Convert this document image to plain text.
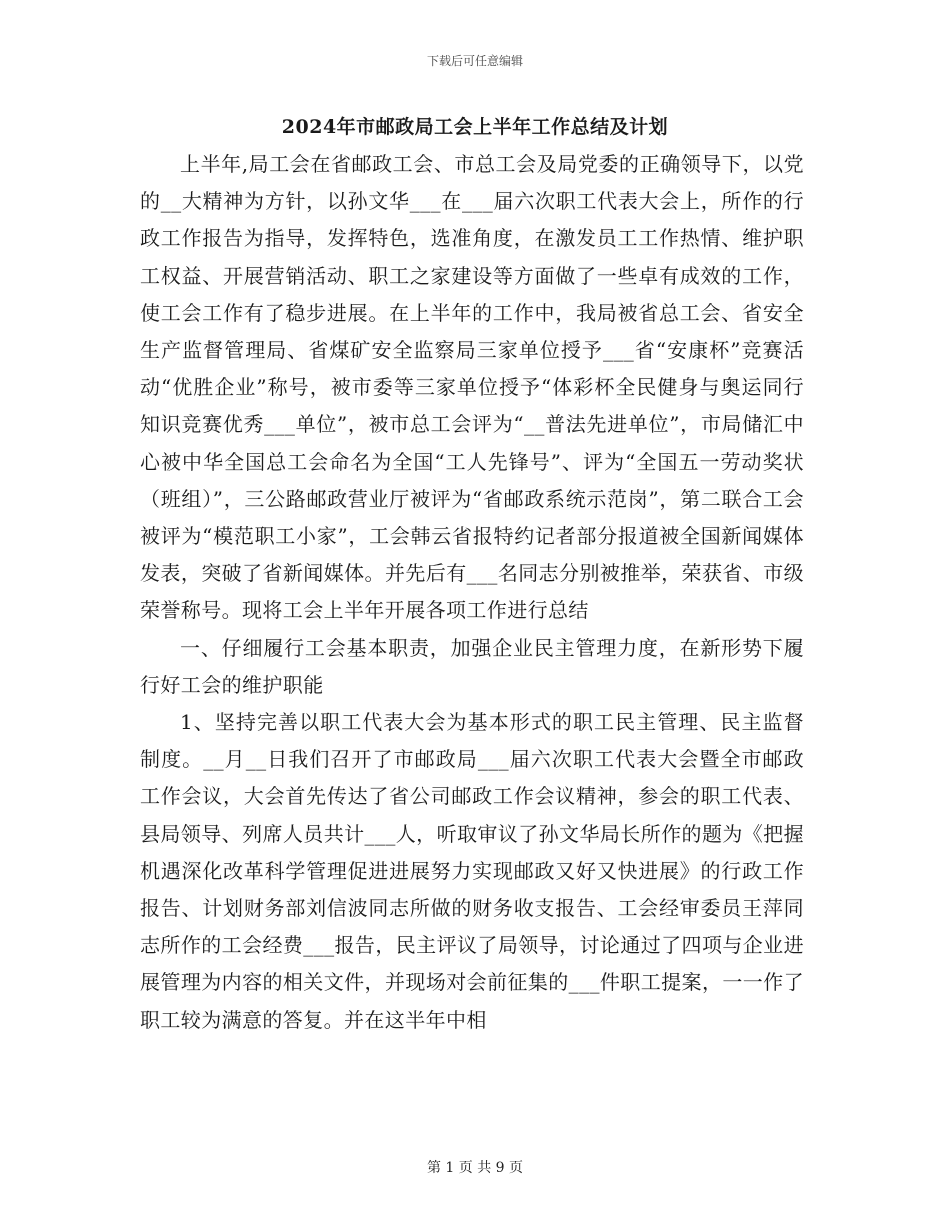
下载后可任意编辑
2024年市邮政局工会上半年工作总结及计划

上半年,局工会在省邮政工会、市总工会及局党委的正确领导下，以党的__大精神为方针，以孙文华___在___届六次职工代表大会上，所作的行政工作报告为指导，发挥特色，选准角度，在激发员工工作热情、维护职工权益、开展营销活动、职工之家建设等方面做了一些卓有成效的工作，使工会工作有了稳步进展。在上半年的工作中，我局被省总工会、省安全生产监督管理局、省煤矿安全监察局三家单位授予___省“安康杯”竞赛活动“优胜企业”称号，被市委等三家单位授予“体彩杯全民健身与奥运同行知识竞赛优秀___单位”，被市总工会评为“__普法先进单位”，市局储汇中心被中华全国总工会命名为全国“工人先锋号”、评为“全国五一劳动奖状（班组）”，三公路邮政营业厅被评为“省邮政系统示范岗”，第二联合工会被评为“模范职工小家”，工会韩云省报特约记者部分报道被全国新闻媒体发表，突破了省新闻媒体。并先后有___名同志分别被推举，荣获省、市级荣誉称号。现将工会上半年开展各项工作进行总结

一、仔细履行工会基本职责，加强企业民主管理力度，在新形势下履行好工会的维护职能

1、坚持完善以职工代表大会为基本形式的职工民主管理、民主监督制度。__月__日我们召开了市邮政局___届六次职工代表大会暨全市邮政工作会议，大会首先传达了省公司邮政工作会议精神，参会的职工代表、县局领导、列席人员共计___人，听取审议了孙文华局长所作的题为《把握机遇深化改革科学管理促进进展努力实现邮政又好又快进展》的行政工作报告、计划财务部刘信波同志所做的财务收支报告、工会经审委员王萍同志所作的工会经费___报告，民主评议了局领导，讨论通过了四项与企业进展管理为内容的相关文件，并现场对会前征集的___件职工提案，一一作了职工较为满意的答复。并在这半年中相

第 1 页 共 9 页
